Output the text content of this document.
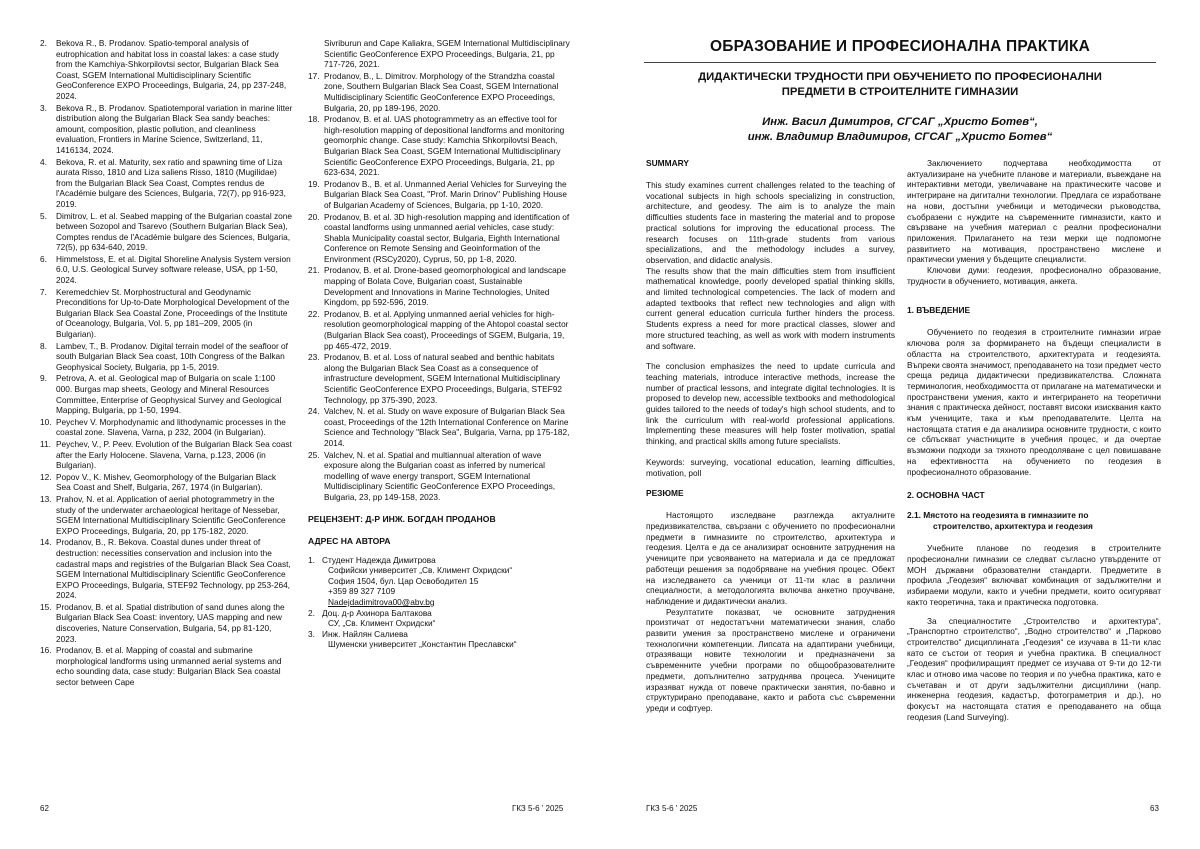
2. Bekova R., B. Prodanov. Spatio-temporal analysis of eutrophication and habitat loss in coastal lakes: a case study from the Kamchiya-Shkorpilovtsi sector, Bulgarian Black Sea Coast, SGEM International Multidisciplinary Scientific GeoConference EXPO Proceedings, Bulgaria, 24, pp 237-248, 2024.
3. Bekova R., B. Prodanov. Spatiotemporal variation in marine litter distribution along the Bulgarian Black Sea sandy beaches: amount, composition, plastic pollution, and cleanliness evaluation, Frontiers in Marine Science, Switzerland, 11, 1416134, 2024.
4. Bekova, R. et al. Maturity, sex ratio and spawning time of Liza aurata Risso, 1810 and Liza saliens Risso, 1810 (Mugilidae) from the Bulgarian Black Sea Coast, Comptes rendus de l'Académie bulgare des Sciences, Bulgaria, 72(7), pp 916-923, 2019.
5. Dimitrov, L. et al. Seabed mapping of the Bulgarian coastal zone between Sozopol and Tsarevo (Southern Bulgarian Black Sea), Comptes rendus de l'Académie bulgare des Sciences, Bulgaria, 72(5), pp 634-640, 2019.
6. Himmelstoss, E. et al. Digital Shoreline Analysis System version 6.0, U.S. Geological Survey software release, USA, pp 1-50, 2024.
7. Keremedchiev St. Morphostructural and Geodynamic Preconditions for Up-to-Date Morphological Development of the Bulgarian Black Sea Coastal Zone, Proceedings of the Institute of Oceanology, Bulgaria, Vol. 5, pp 181–209, 2005 (in Bulgarian).
8. Lambev, T., B. Prodanov. Digital terrain model of the seafloor of south Bulgarian Black Sea coast, 10th Congress of the Balkan Geophysical Society, Bulgaria, pp 1-5, 2019.
9. Petrova, A. et al. Geological map of Bulgaria on scale 1:100 000. Burgas map sheets, Geology and Mineral Resources Committee, Enterprise of Geophysical Survey and Geological Mapping, Bulgaria, pp 1-50, 1994.
10. Peychev V. Morphodynamic and lithodynamic processes in the coastal zone. Slavena, Varna, p 232, 2004 (in Bulgarian).
11. Peychev, V., P. Peev. Evolution of the Bulgarian Black Sea coast after the Early Holocene. Slavena, Varna, p.123, 2006 (in Bulgarian).
12. Popov V., K. Mishev, Geomorphology of the Bulgarian Black Sea Coast and Shelf, Bulgaria, 267, 1974 (in Bulgarian).
13. Prahov, N. et al. Application of aerial photogrammetry in the study of the underwater archaeological heritage of Nessebar, SGEM International Multidisciplinary Scientific GeoConference EXPO Proceedings, Bulgaria, 20, pp 175-182, 2020.
14. Prodanov, B., R. Bekova. Coastal dunes under threat of destruction: necessities conservation and inclusion into the cadastral maps and registries of the Bulgarian Black Sea Coast, SGEM International Multidisciplinary Scientific GeoConference EXPO Proceedings, Bulgaria, STEF92 Technology, pp 253-264, 2024.
15. Prodanov, B. et al. Spatial distribution of sand dunes along the Bulgarian Black Sea Coast: inventory, UAS mapping and new discoveries, Nature Conservation, Bulgaria, 54, pp 81-120, 2023.
16. Prodanov, B. et al. Mapping of coastal and submarine morphological landforms using unmanned aerial systems and echo sounding data, case study: Bulgarian Black Sea coastal sector between Cape
Sivriburun and Cape Kaliakra, SGEM International Multidisciplinary Scientific GeoConference EXPO Proceedings, Bulgaria, 21, pp 717-726, 2021.
17. Prodanov, B., L. Dimitrov. Morphology of the Strandzha coastal zone, Southern Bulgarian Black Sea Coast, SGEM International Multidisciplinary Scientific GeoConference EXPO Proceedings, Bulgaria, 20, pp 189-196, 2020.
18. Prodanov, B. et al. UAS photogrammetry as an effective tool for high-resolution mapping of depositional landforms and monitoring geomorphic change. Case study: Kamchia Shkorpilovtsi Beach, Bulgarian Black Sea Coast, SGEM International Multidisciplinary Scientific GeoConference EXPO Proceedings, Bulgaria, 21, pp 623-634, 2021.
19. Prodanov B., B. et al. Unmanned Aerial Vehicles for Surveying the Bulgarian Black Sea Coast, "Prof. Marin Drinov" Publishing House of Bulgarian Academy of Sciences, Bulgaria, pp 1-10, 2020.
20. Prodanov, B. et al. 3D high-resolution mapping and identification of coastal landforms using unmanned aerial vehicles, case study: Shabla Municipality coastal sector, Bulgaria, Eighth International Conference on Remote Sensing and Geoinformation of the Environment (RSCy2020), Cyprus, 50, pp 1-8, 2020.
21. Prodanov, B. et al. Drone-based geomorphological and landscape mapping of Bolata Cove, Bulgarian coast, Sustainable Development and Innovations in Marine Technologies, United Kingdom, pp 592-596, 2019.
22. Prodanov, B. et al. Applying unmanned aerial vehicles for high-resolution geomorphological mapping of the Ahtopol coastal sector (Bulgarian Black Sea coast), Proceedings of SGEM, Bulgaria, 19, pp 465-472, 2019.
23. Prodanov, B. et al. Loss of natural seabed and benthic habitats along the Bulgarian Black Sea Coast as a consequence of infrastructure development, SGEM International Multidisciplinary Scientific GeoConference EXPO Proceedings, Bulgaria, STEF92 Technology, pp 375-390, 2023.
24. Valchev, N. et al. Study on wave exposure of Bulgarian Black Sea coast, Proceedings of the 12th International Conference on Marine Science and Technology "Black Sea", Bulgaria, Varna, pp 175-182, 2014.
25. Valchev, N. et al. Spatial and multiannual alteration of wave exposure along the Bulgarian coast as inferred by numerical modelling of wave energy transport, SGEM International Multidisciplinary Scientific GeoConference EXPO Proceedings, Bulgaria, 23, pp 149-158, 2023.
РЕЦЕНЗЕНТ: Д-Р ИНЖ. БОГДАН ПРОДАНОВ
АДРЕС НА АВТОРА
1. Студент Надежда Димитрова
Софийски университет „Св. Климент Охридски“
София 1504, бул. Цар Освободител 15
+359 89 327 7109
Nadejdadimitrova00@abv.bg
2. Доц. д-р Ахинора Балтакова
СУ, „Св. Климент Охридски“
3. Инж. Найлян Салиева
Шуменски университет „Константин Преславски“
62	ГКЗ 5-6 ' 2025
ОБРАЗОВАНИЕ И ПРОФЕСИОНАЛНА ПРАКТИКА
ДИДАКТИЧЕСКИ ТРУДНОСТИ ПРИ ОБУЧЕНИЕТО ПО ПРОФЕСИОНАЛНИ
ПРЕДМЕТИ В СТРОИТЕЛНИТЕ ГИМНАЗИИ
Инж. Васил Димитров, СГСАГ „Христо Ботев“,
инж. Владимир Владимиров, СГСАГ „Христо Ботев“

SUMMARY

This study examines current challenges related to the teaching of vocational subjects in high schools specializing in construction, architecture, and geodesy. The aim is to analyze the main difficulties students face in mastering the material and to propose practical solutions for improving the educational process. The research focuses on 11th-grade students from various specializations, and the methodology includes a survey, observation, and didactic analysis.

The results show that the main difficulties stem from insufficient mathematical knowledge, poorly developed spatial thinking skills, and limited technological competencies. The lack of modern and adapted textbooks that reflect new technologies and align with current general education curricula further hinders the process. Students express a need for more practical classes, slower and more structured teaching, as well as work with modern instruments and software.

The conclusion emphasizes the need to update curricula and teaching materials, introduce interactive methods, increase the number of practical lessons, and integrate digital technologies. It is proposed to develop new, accessible textbooks and methodological guides tailored to the needs of today's high school students, and to link the curriculum with real-world professional applications. Implementing these measures will help foster motivation, spatial thinking, and practical skills among future specialists.

Keywords: surveying, vocational education, learning difficulties, motivation, poll

РЕЗЮМЕ

Настоящото изследване разглежда актуалните предизвикателства, свързани с обучението по професионални предмети в гимназиите по строителство, архитектура и геодезия. Целта е да се анализират основните затруднения на учениците при усвояването на материала и да се предложат работещи решения за подобряване на учебния процес. Обект на изследването са ученици от 11-ти клас в различни специалности, а методологията включва анкетно проучване, наблюдение и дидактически анализ.

Резултатите показват, че основните затруднения произтичат от недостатъчни математически знания, слабо развити умения за пространствено мислене и ограничени технологични компетенции. Липсата на адаптирани учебници, отразяващи новите технологии и предназначени за съвременните учебни програми по общообразователните предмети, допълнително затруднява процеса. Учениците изразяват нужда от повече практически занятия, по-бавно и структурирано преподаване, както и работа със съвременни уреди и софтуер.

Заключението подчертава необходимостта от актуализиране на учебните планове и материали, въвеждане на интерактивни методи, увеличаване на практическите часове и интегриране на дигитални технологии. Предлага се изработване на нови, достъпни учебници и методически ръководства, съобразени с нуждите на съвременните гимназисти, както и свързване на учебния материал с реални професионални приложения. Прилагането на тези мерки ще подпомогне развитието на мотивация, пространствено мислене и практически умения у бъдещите специалисти.

Ключови думи: геодезия, професионално образование, трудности в обучението, мотивация, анкета.

1. ВЪВЕДЕНИЕ

Обучението по геодезия в строителните гимназии играе ключова роля за формирането на бъдещи специалисти в областта на строителството, архитектурата и геодезията. Въпреки своята значимост, преподаването на този предмет често среща редица дидактически предизвикателства. Сложната терминология, необходимостта от прилагане на математически и пространствени умения, както и интегрирането на теоретични знания с практическа дейност, поставят високи изисквания както към учениците, така и към преподавателите. Целта на настоящата статия е да анализира основните трудности, с които се сблъскват участниците в учебния процес, и да очертае възможни подходи за тяхното преодоляване с цел повишаване на ефективността на обучението по геодезия в професионалното образование.

2. ОСНОВНА ЧАСТ

2.1. Мястото на геодезията в гимназиите по

строителство, архитектура и геодезия

Учебните планове по геодезия в строителните професионални гимназии се следват съгласно утвърдените от МОН държавни образователни стандарти. Предметите в профила „Геодезия“ включват комбинация от задължителни и избираеми модули, както и учебни предмети, които осигуряват както теоретична, така и практическа подготовка.

За специалностите „Строителство и архитектура“, „Транспортно строителство“, „Водно строителство“ и „Парково строителство“ дисциплината „Геодезия“ се изучава в 11-ти клас като се състои от теория и учебна практика. В специалност „Геодезия“ профилиращият предмет се изучава от 9-ти до 12-ти клас и отново има часове по теория и по учебна практика, като е съчетаван и от други задължителни дисциплини (напр. инженерна геодезия, кадастър, фотограметрия и др.), но фокусът на настоящата статия е преподаването на обща геодезия (Land Surveying).

ГКЗ 5-6 ' 2025	63
